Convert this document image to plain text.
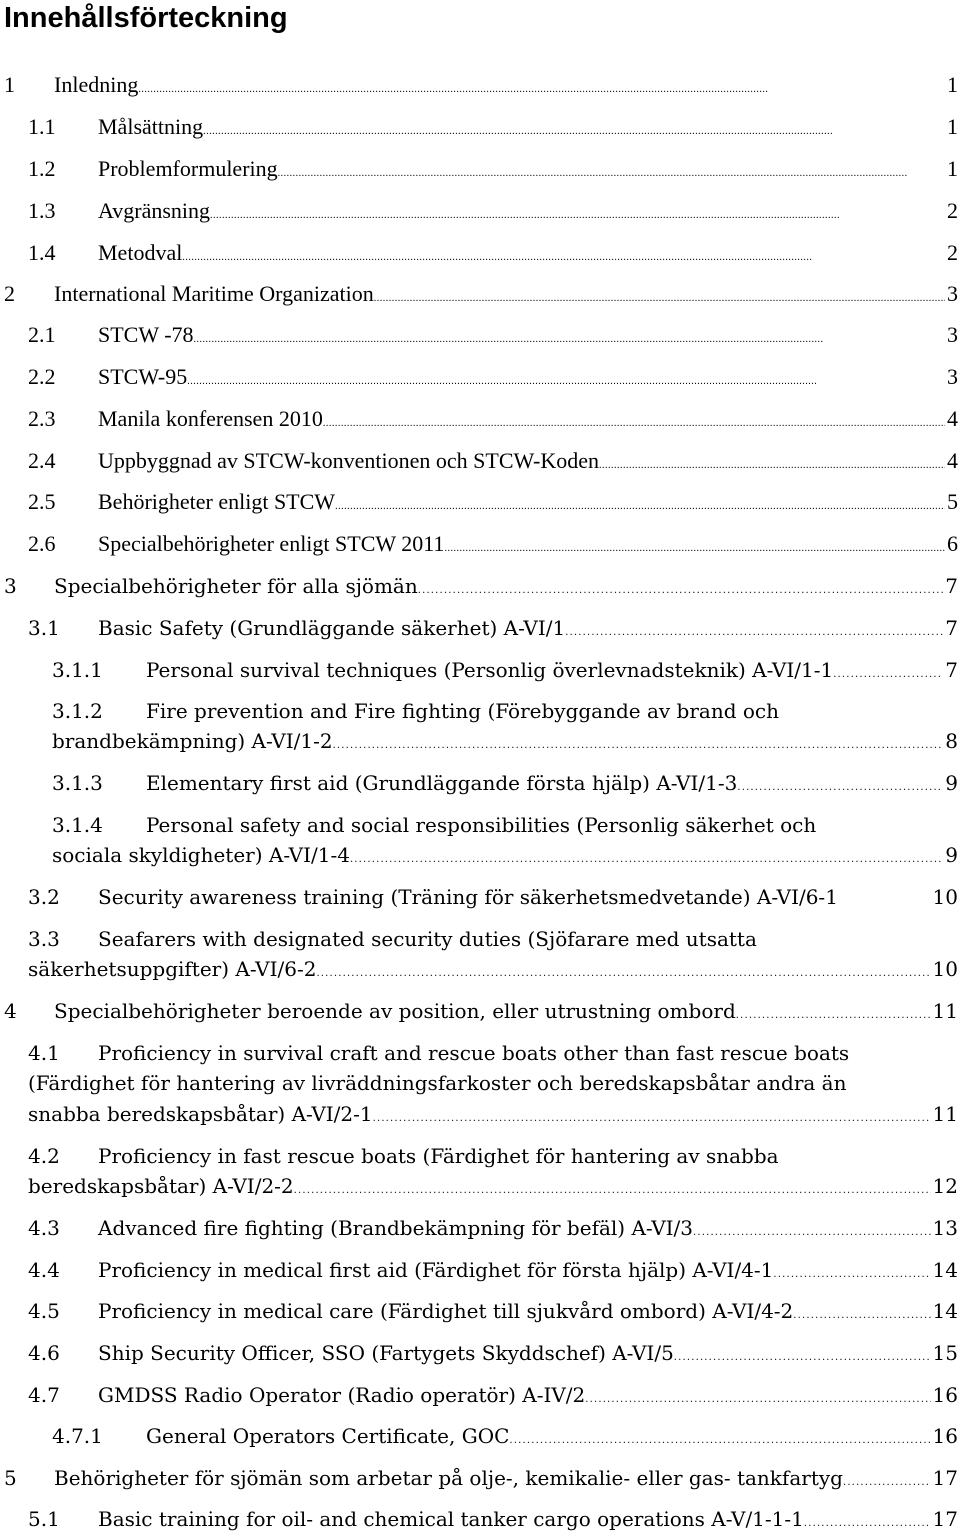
Innehållsförteckning
1 Inledning . . .	1
1.1 Målsättning . . .	1
1.2 Problemformulering . . .	1
1.3 Avgränsning . . .	2
1.4 Metodval . . .	2
2 International Maritime Organization . . .	3
2.1 STCW -78 . . .	3
2.2 STCW-95 . . .	3
2.3 Manila konferensen 2010 . . .	4
2.4 Uppbyggnad av STCW-konventionen och STCW-Koden . . .	4
2.5 Behörigheter enligt STCW . . .	5
2.6 Specialbehörigheter enligt STCW 2011 . . .	6
3 Specialbehörigheter för alla sjömän . . .	7
3.1 Basic Safety (Grundläggande säkerhet) A-VI/1 . . .	7
3.1.1 Personal survival techniques (Personlig överlevnadsteknik) A-VI/1-1 . . .	7
3.1.2 Fire prevention and Fire fighting (Förebyggande av brand och
brandbekämpning) A-VI/1-2 . . .	8
3.1.3 Elementary first aid (Grundläggande första hjälp) A-VI/1-3 . . .	9
3.1.4 Personal safety and social responsibilities (Personlig säkerhet och
sociala skyldigheter) A-VI/1-4 . . .	9
3.2 Security awareness training (Träning för säkerhetsmedvetande) A-VI/6-1	10
3.3 Seafarers with designated security duties (Sjöfarare med utsatta
säkerhetsuppgifter) A-VI/6-2 . . .	10
4 Specialbehörigheter beroende av position, eller utrustning ombord . . .	11
4.1 Proficiency in survival craft and rescue boats other than fast rescue boats
(Färdighet för hantering av livräddningsfarkoster och beredskapsbåtar andra än
snabba beredskapsbåtar) A-VI/2-1 . . .	11
4.2 Proficiency in fast rescue boats (Färdighet för hantering av snabba
beredskapsbåtar) A-VI/2-2 . . .	12
4.3 Advanced fire fighting (Brandbekämpning för befäl) A-VI/3 . . .	13
4.4 Proficiency in medical first aid (Färdighet för första hjälp) A-VI/4-1 . . .	14
4.5 Proficiency in medical care (Färdighet till sjukvård ombord) A-VI/4-2 . . .	14
4.6 Ship Security Officer, SSO (Fartygets Skyddschef) A-VI/5 . . .	15
4.7 GMDSS Radio Operator (Radio operatör) A-IV/2 . . .	16
4.7.1 General Operators Certificate, GOC . . .	16
5 Behörigheter för sjömän som arbetar på olje-, kemikalie- eller gas- tankfartyg . . .	17
5.1 Basic training for oil- and chemical tanker cargo operations A-V/1-1-1 . . .	17
